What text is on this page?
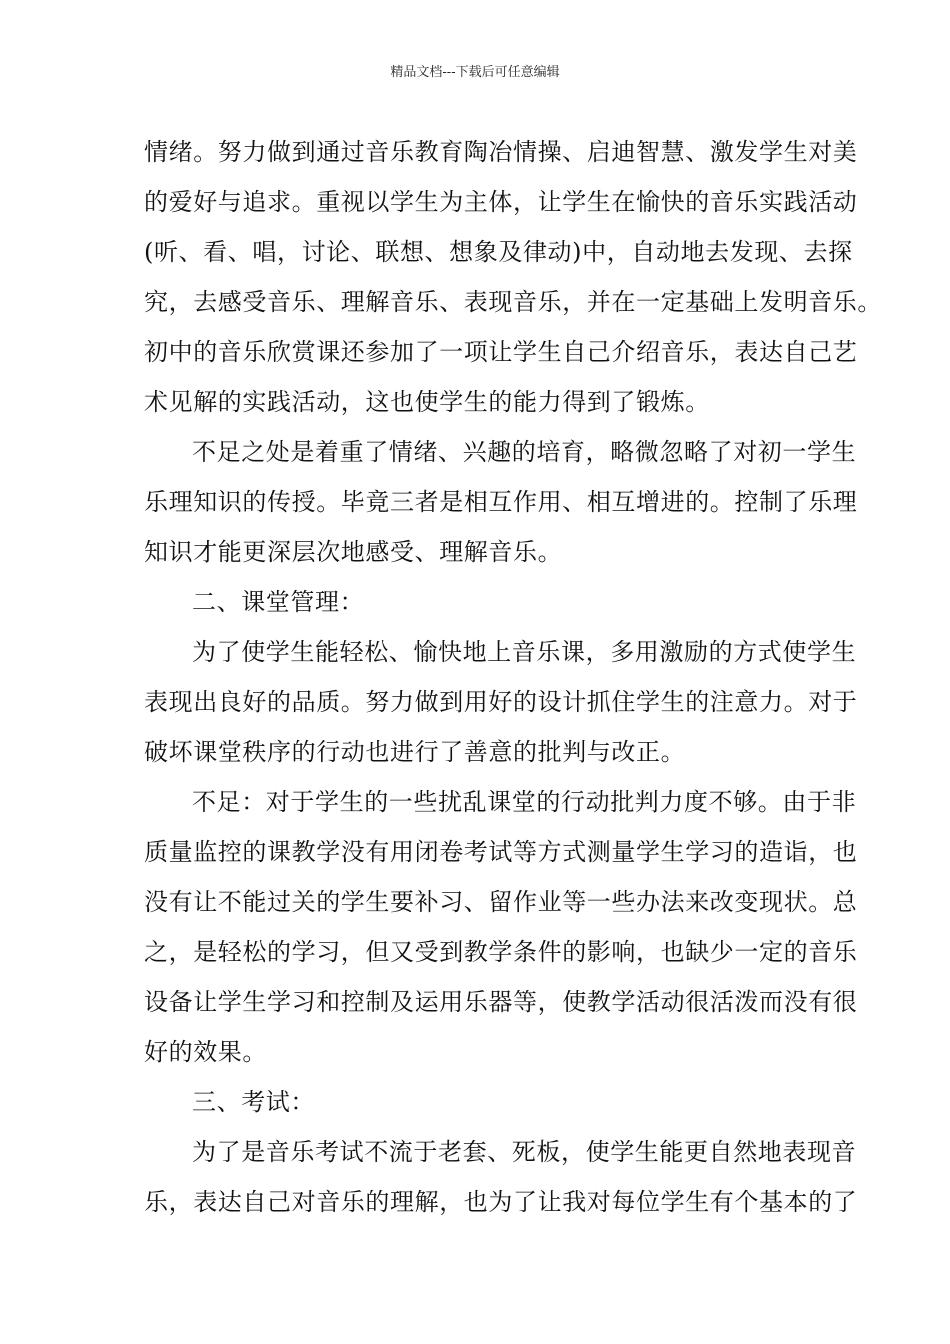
精品文档---下载后可任意编辑
情绪。努力做到通过音乐教育陶冶情操、启迪智慧、激发学生对美
的爱好与追求。重视以学生为主体，让学生在愉快的音乐实践活动
(听、看、唱，讨论、联想、想象及律动)中，自动地去发现、去探
究，去感受音乐、理解音乐、表现音乐，并在一定基础上发明音乐。
初中的音乐欣赏课还参加了一项让学生自己介绍音乐，表达自己艺
术见解的实践活动，这也使学生的能力得到了锻炼。
不足之处是着重了情绪、兴趣的培育，略微忽略了对初一学生
乐理知识的传授。毕竟三者是相互作用、相互增进的。控制了乐理
知识才能更深层次地感受、理解音乐。
二、课堂管理：
为了使学生能轻松、愉快地上音乐课，多用激励的方式使学生
表现出良好的品质。努力做到用好的设计抓住学生的注意力。对于
破坏课堂秩序的行动也进行了善意的批判与改正。
不足：对于学生的一些扰乱课堂的行动批判力度不够。由于非
质量监控的课教学没有用闭卷考试等方式测量学生学习的造诣，也
没有让不能过关的学生要补习、留作业等一些办法来改变现状。总
之，是轻松的学习，但又受到教学条件的影响，也缺少一定的音乐
设备让学生学习和控制及运用乐器等，使教学活动很活泼而没有很
好的效果。
三、考试：
为了是音乐考试不流于老套、死板，使学生能更自然地表现音
乐，表达自己对音乐的理解，也为了让我对每位学生有个基本的了
